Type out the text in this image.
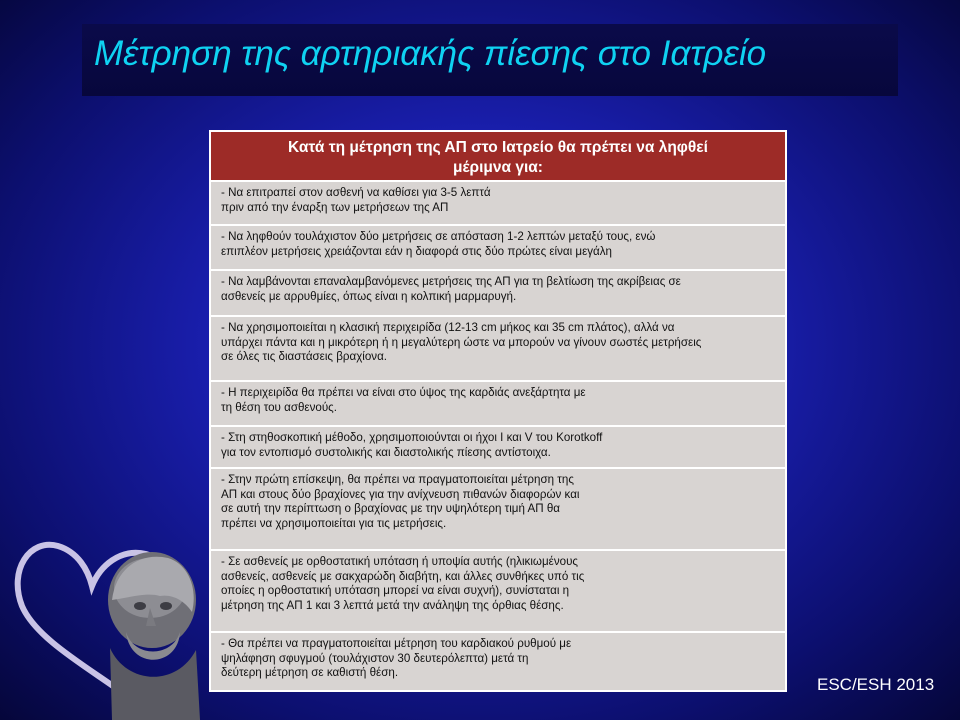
Μέτρηση της αρτηριακής πίεσης στο Ιατρείο
Κατά τη μέτρηση της ΑΠ στο Ιατρείο θα πρέπει να ληφθεί
μέριμνα για:
- Να επιτραπεί στον ασθενή να καθίσει για 3-5 λεπτά
πριν από την έναρξη των μετρήσεων της ΑΠ
- Να ληφθούν τουλάχιστον δύο μετρήσεις σε απόσταση 1-2 λεπτών μεταξύ τους, ενώ
επιπλέον μετρήσεις χρειάζονται εάν η διαφορά στις δύο πρώτες είναι μεγάλη
- Να λαμβάνονται επαναλαμβανόμενες μετρήσεις της ΑΠ για τη βελτίωση της ακρίβειας σε
ασθενείς με αρρυθμίες, όπως είναι η κολπική μαρμαρυγή.
- Να χρησιμοποιείται η κλασική περιχειρίδα (12-13 cm μήκος και 35 cm πλάτος), αλλά να
υπάρχει πάντα και η μικρότερη ή η μεγαλύτερη ώστε να μπορούν να γίνουν σωστές μετρήσεις
σε όλες τις διαστάσεις βραχίονα.
- Η περιχειρίδα θα πρέπει να είναι στο ύψος της καρδιάς ανεξάρτητα με
τη θέση του ασθενούς.
- Στη στηθοσκοπική μέθοδο, χρησιμοποιούνται οι ήχοι I και V του Korotkoff
για τον εντοπισμό συστολικής και διαστολικής πίεσης αντίστοιχα.
- Στην πρώτη επίσκεψη, θα πρέπει να πραγματοποιείται μέτρηση της
ΑΠ και στους δύο βραχίονες για την ανίχνευση πιθανών διαφορών και
σε αυτή την περίπτωση ο βραχίονας με την υψηλότερη τιμή ΑΠ θα
πρέπει να χρησιμοποιείται για τις μετρήσεις.
- Σε ασθενείς με ορθοστατική υπόταση ή υποψία αυτής (ηλικιωμένους
ασθενείς, ασθενείς με σακχαρώδη διαβήτη, και άλλες συνθήκες υπό τις
οποίες η ορθοστατική υπόταση μπορεί να είναι συχνή), συνίσταται η
μέτρηση της ΑΠ 1 και 3 λεπτά μετά την ανάληψη της όρθιας θέσης.
- Θα πρέπει να πραγματοποιείται μέτρηση του καρδιακού ρυθμού με
ψηλάφηση σφυγμού (τουλάχιστον 30 δευτερόλεπτα) μετά τη
δεύτερη μέτρηση σε καθιστή θέση.
ESC/ESH 2013
